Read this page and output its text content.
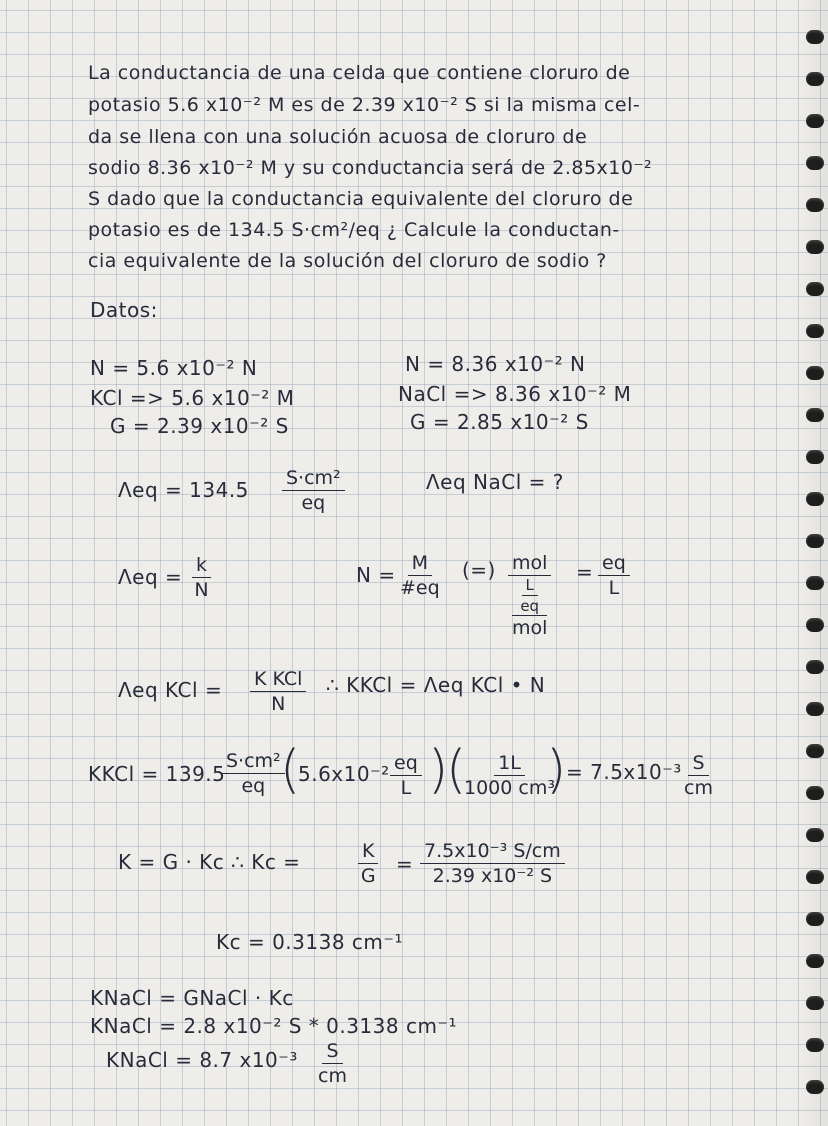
La conductancia de una celda que contiene cloruro de
potasio 5.6 x10⁻² M es de 2.39 x10⁻² S si la misma cel-
da se llena con una solución acuosa de cloruro de
sodio 8.36 x10⁻² M y su conductancia será de 2.85x10⁻²
S dado que la conductancia equivalente del cloruro de
potasio es de 134.5 S·cm²/eq ¿ Calcule la conductan-
cia equivalente de la solución del cloruro de sodio ?
Datos:
N = 5.6 x10⁻² N
KCl => 5.6 x10⁻² M
G = 2.39 x10⁻² S
N = 8.36 x10⁻² N
NaCl => 8.36 x10⁻² M
G = 2.85 x10⁻² S
$\Lambda eq = 134.5 \frac{\text{S·cm²}}{eq}$	Λeq NaCl = ?
$\Lambda eq = \frac{k}{N}$	$N = \frac{M}{\#eq}$ (=) mol
$\frac{L}{eq}$
mol
= $\frac{eq}{L}$
Λeq KCl = K KCl
N
∴ KKCl = Λeq KCl • N
KKCl = 139.5
$\frac{\text{S·cm²}}{eq}$
(
$5.6x10^{-2} \frac{eq}{L}$ )
(
$\frac{1L}{\text{1000 cm³}}$
) = $7.5x10^{-3} \frac{S}{cm}$
K = G · Kc ∴ Kc =	$\frac{K}{G} = \frac{\text{7.5x10⁻³ S/cm}}{\text{2.39 x10⁻² S}}$
Kc = 0.3138 cm⁻¹
KNaCl = GNaCl · Kc
KNaCl = 2.8 x10⁻² S * 0.3138 cm⁻¹
KNaCl = 8.7 $x10^{-3} \frac{S}{cm}$
